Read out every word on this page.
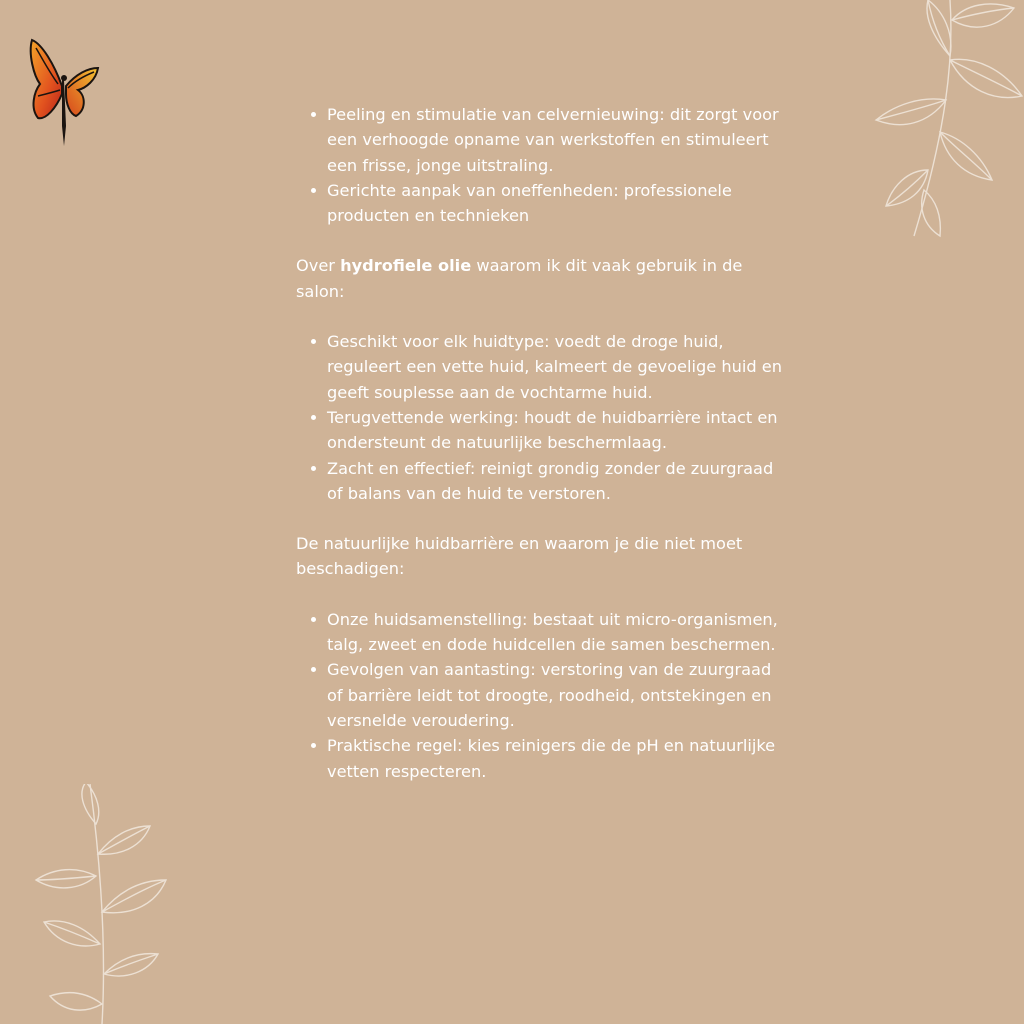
Peeling en stimulatie van celvernieuwing: dit zorgt voor een verhoogde opname van werkstoffen en stimuleert een frisse, jonge uitstraling.
Gerichte aanpak van oneffenheden: professionele producten en technieken

Over hydrofiele olie waarom ik dit vaak gebruik in de salon:

Geschikt voor elk huidtype: voedt de droge huid, reguleert een vette huid, kalmeert de gevoelige huid en geeft souplesse aan de vochtarme huid.
Terugvettende werking: houdt de huidbarrière intact en ondersteunt de natuurlijke beschermlaag.
Zacht en effectief: reinigt grondig zonder de zuurgraad of balans van de huid te verstoren.

De natuurlijke huidbarrière en waarom je die niet moet beschadigen:

Onze huidsamenstelling: bestaat uit micro-organismen, talg, zweet en dode huidcellen die samen beschermen.
Gevolgen van aantasting: verstoring van de zuurgraad of barrière leidt tot droogte, roodheid, ontstekingen en versnelde veroudering.
Praktische regel: kies reinigers die de pH en natuurlijke vetten respecteren.
